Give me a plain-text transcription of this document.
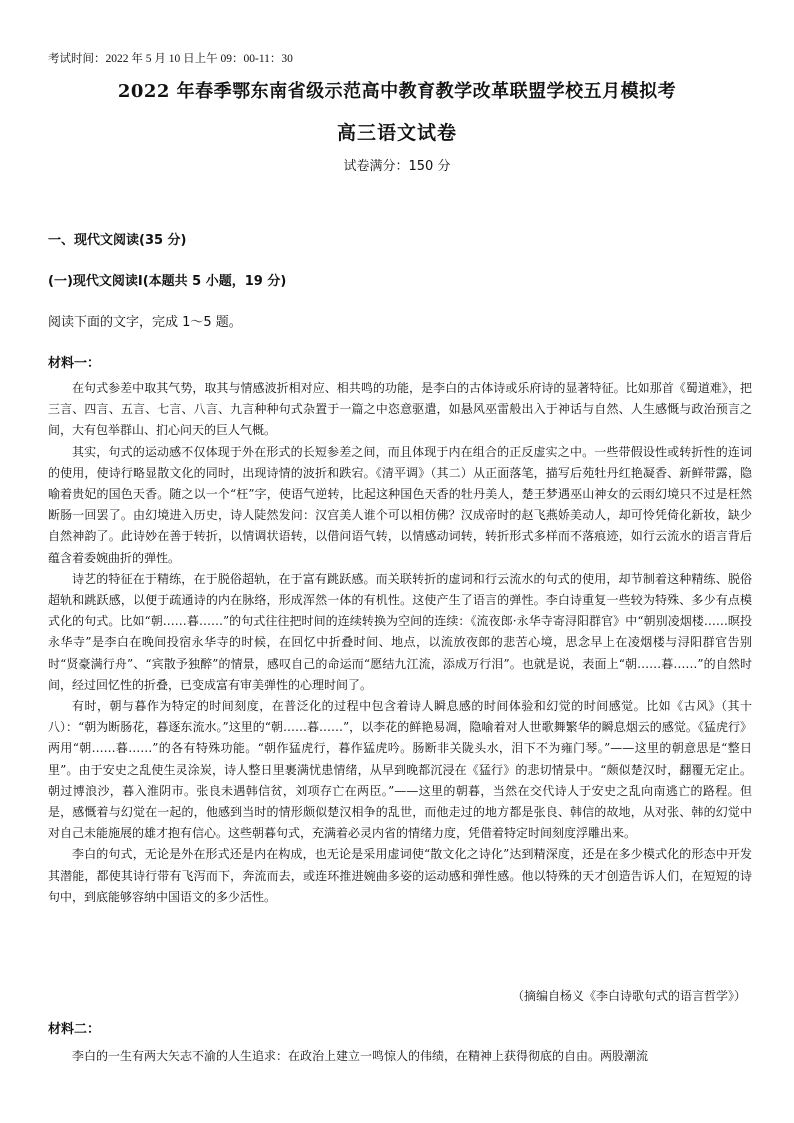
考试时间：2022 年 5 月 10 日上午 09：00-11：30
2022 年春季鄂东南省级示范高中教育教学改革联盟学校五月模拟考
高三语文试卷
试卷满分：150 分
一、现代文阅读(35 分)
(一)现代文阅读Ⅰ(本题共 5 小题，19 分)
阅读下面的文字，完成 1～5 题。
材料一：

在句式参差中取其气势，取其与情感波折相对应、相共鸣的功能，是李白的古体诗或乐府诗的显著特征。比如那首《蜀道难》，把三言、四言、五言、七言、八言、九言种种句式杂置于一篇之中恣意驱遣，如悬风巫雷般出入于神话与自然、人生感慨与政治预言之间，大有包举群山、扪心问天的巨人气概。

其实，句式的运动感不仅体现于外在形式的长短参差之间，而且体现于内在组合的正反虚实之中。一些带假设性或转折性的连词的使用，使诗行略显散文化的同时，出现诗情的波折和跌宕。《清平调》（其二）从正面落笔，描写后苑牡丹红艳凝香、新鲜带露，隐喻着贵妃的国色天香。随之以一个“枉”字，使语气逆转，比起这种国色天香的牡丹美人，楚王梦遇巫山神女的云雨幻境只不过是枉然断肠一回罢了。由幻境进入历史，诗人陡然发问：汉宫美人谁个可以相仿佛？汉成帝时的赵飞燕娇美动人，却可怜凭倚化新妆，缺少自然神韵了。此诗妙在善于转折，以情调状语转，以借问语气转，以情感动词转，转折形式多样而不落痕迹，如行云流水的语言背后蕴含着委婉曲折的弹性。

诗艺的特征在于精练，在于脱俗超轨，在于富有跳跃感。而关联转折的虚词和行云流水的句式的使用，却节制着这种精练、脱俗超轨和跳跃感，以便于疏通诗的内在脉络，形成浑然一体的有机性。这使产生了语言的弹性。李白诗重复一些较为特殊、多少有点模式化的句式。比如“朝……暮……”的句式往往把时间的连续转换为空间的连续：《流夜郎·永华寺寄浔阳群官》中“朝别凌烟楼……暝投永华寺”是李白在晚间投宿永华寺的时候，在回忆中折叠时间、地点，以流放夜郎的悲苦心境，思念早上在凌烟楼与浔阳群官告别时“贤豪满行舟”、“宾散予独醉”的情景，感叹自己的命运而“愿结九江流，添成万行泪”。也就是说，表面上“朝……暮……”的自然时间，经过回忆性的折叠，已变成富有审美弹性的心理时间了。

有时，朝与暮作为特定的时间刻度，在普泛化的过程中包含着诗人瞬息感的时间体验和幻觉的时间感觉。比如《古风》（其十八）：“朝为断肠花，暮逐东流水。”这里的“朝……暮……”，以李花的鲜艳易凋，隐喻着对人世歌舞繁华的瞬息烟云的感觉。《猛虎行》两用“朝……暮……”的各有特殊功能。“朝作猛虎行，暮作猛虎吟。肠断非关陇头水，泪下不为雍门琴。”——这里的朝意思是“整日里”。由于安史之乱使生灵涂炭，诗人整日里裹满忧患情绪，从早到晚都沉浸在《猛行》的悲切情景中。“颇似楚汉时，翻覆无定止。朝过博浪沙，暮入淮阴市。张良未遇韩信贫，刘项存亡在两臣。”——这里的朝暮，当然在交代诗人于安史之乱向南逃亡的路程。但是，感慨着与幻觉在一起的，他感到当时的情形颇似楚汉相争的乱世，而他走过的地方都是张良、韩信的故地，从对张、韩的幻觉中对自己未能施展的雄才抱有信心。这些朝暮句式，充满着必灵内省的情绪力度，凭借着特定时间刻度浮雕出来。

李白的句式，无论是外在形式还是内在构成，也无论是采用虚词使“散文化之诗化”达到精深度，还是在多少模式化的形态中开发其潜能，都使其诗行带有飞泻而下，奔流而去，或连环推进婉曲多姿的运动感和弹性感。他以特殊的天才创造告诉人们，在短短的诗句中，到底能够容纳中国语文的多少活性。

（摘编自杨义《李白诗歌句式的语言哲学》）
材料二：
李白的一生有两大矢志不渝的人生追求：在政治上建立一鸣惊人的伟绩，在精神上获得彻底的自由。两股潮流
